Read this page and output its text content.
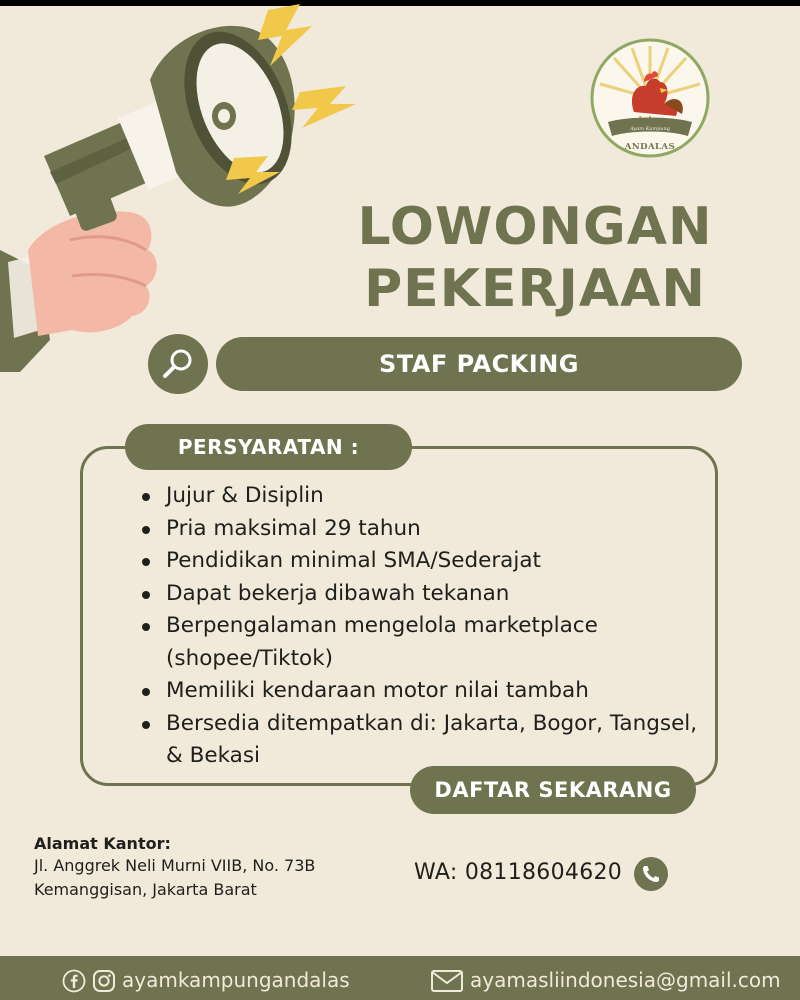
Ayam Kampung
ANDALAS
LOWONGAN
PEKERJAAN
STAF PACKING
PERSYARATAN :
Jujur & Disiplin
Pria maksimal 29 tahun
Pendidikan minimal SMA/Sederajat
Dapat bekerja dibawah tekanan
Berpengalaman mengelola marketplace (shopee/Tiktok)
Memiliki kendaraan motor nilai tambah
Bersedia ditempatkan di: Jakarta, Bogor, Tangsel, & Bekasi
DAFTAR SEKARANG
Alamat Kantor:
Jl. Anggrek Neli Murni VIIB, No. 73B
Kemanggisan, Jakarta Barat
WA: 08118604620
ayamkampungandalas	ayamasliindonesia@gmail.com
